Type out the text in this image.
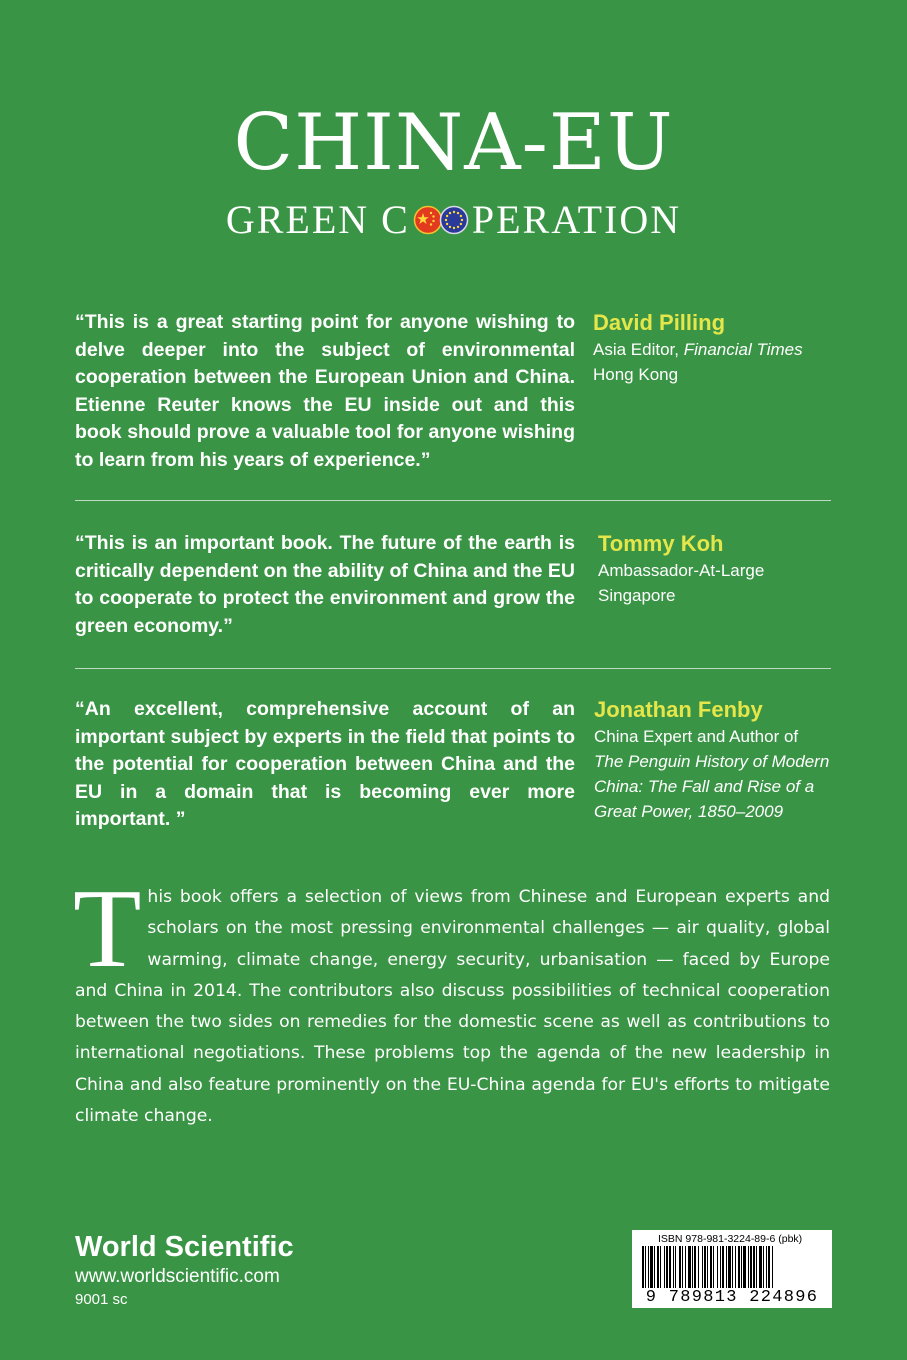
CHINA-EU
GREEN C PERATION
“This is a great starting point for anyone wishing to delve deeper into the subject of environmental cooperation between the European Union and China. Etienne Reuter knows the EU inside out and this book should prove a valuable tool for anyone wishing to learn from his years of experience.”
David Pilling
Asia Editor, Financial Times
Hong Kong
“This is an important book. The future of the earth is critically dependent on the ability of China and the EU to cooperate to protect the environment and grow the green economy.”
Tommy Koh
Ambassador-At-Large
Singapore
“An excellent, comprehensive account of an important subject by experts in the field that points to the potential for cooperation between China and the EU in a domain that is becoming ever more important. ”
Jonathan Fenby
China Expert and Author of
The Penguin History of Modern
China: The Fall and Rise of a
Great Power, 1850–2009
T his book offers a selection of views from Chinese and European experts and scholars on the most pressing environmental challenges — air quality, global warming, climate change, energy security, urbanisation — faced by Europe and China in 2014. The contributors also discuss possibilities of technical cooperation between the two sides on remedies for the domestic scene as well as contributions to international negotiations. These problems top the agenda of the new leadership in China and also feature prominently on the EU-China agenda for EU's efforts to mitigate climate change.
World Scientific
www.worldscientific.com
9001 sc
ISBN 978-981-3224-89-6 (pbk)
9 789813 224896
